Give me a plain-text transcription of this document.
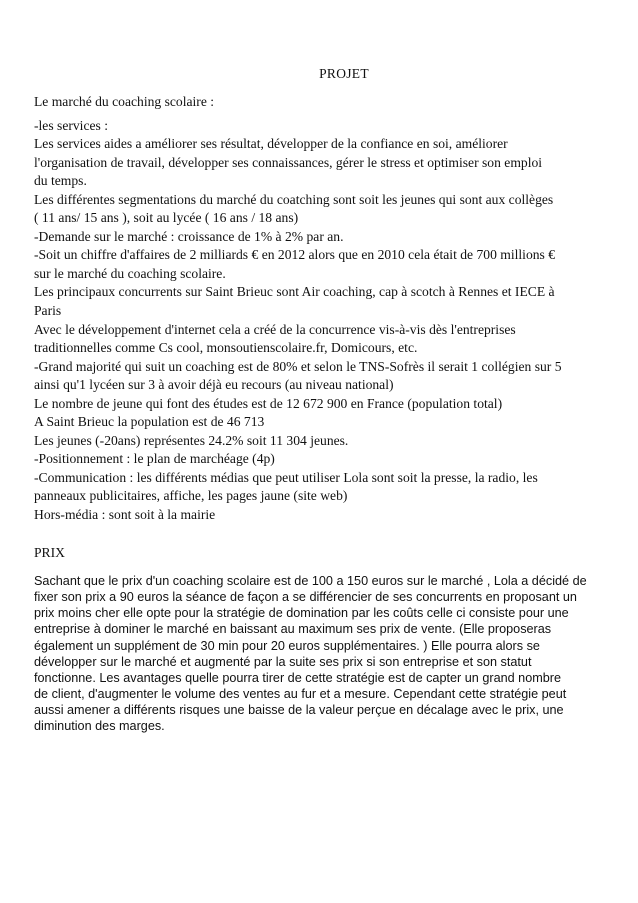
PROJET

Le marché du coaching scolaire :

-les services :

Les services aides a améliorer ses résultat, développer de la confiance en soi, améliorer

l'organisation de travail, développer ses connaissances, gérer le stress et optimiser son emploi

du temps.

Les différentes segmentations du marché du coatching sont soit les jeunes qui sont aux collèges

( 11 ans/ 15 ans ), soit au lycée ( 16 ans / 18 ans)

-Demande sur le marché : croissance de 1% à 2% par an.

-Soit un chiffre d'affaires de 2 milliards € en 2012 alors que en 2010 cela était de 700 millions €

sur le marché du coaching scolaire.

Les principaux concurrents sur Saint Brieuc sont Air coaching, cap à scotch à Rennes et IECE à

Paris

Avec le développement d'internet cela a créé de la concurrence vis-à-vis dès l'entreprises

traditionnelles comme Cs cool, monsoutienscolaire.fr, Domicours, etc.

-Grand majorité qui suit un coaching est de 80% et selon le TNS-Sofrès il serait 1 collégien sur 5

ainsi qu'1 lycéen sur 3 à avoir déjà eu recours (au niveau national)

Le nombre de jeune qui font des études est de 12 672 900 en France (population total)

A Saint Brieuc la population est de 46 713

Les jeunes (-20ans) représentes 24.2% soit 11 304 jeunes.

-Positionnement : le plan de marchéage (4p)

-Communication : les différents médias que peut utiliser Lola sont soit la presse, la radio, les

panneaux publicitaires, affiche, les pages jaune (site web)

Hors-média : sont soit à la mairie

PRIX

Sachant que le prix d'un coaching scolaire est de 100 a 150 euros sur le marché , Lola a décidé de

fixer son prix a 90 euros la séance de façon a se différencier de ses concurrents en proposant un

prix moins cher elle opte pour la stratégie de domination par les coûts celle ci consiste pour une

entreprise à dominer le marché en baissant au maximum ses prix de vente. (Elle proposeras

également un supplément de 30 min pour 20 euros supplémentaires. ) Elle pourra alors se

développer sur le marché et augmenté par la suite ses prix si son entreprise et son statut

fonctionne. Les avantages quelle pourra tirer de cette stratégie est de capter un grand nombre

de client, d'augmenter le volume des ventes au fur et a mesure. Cependant cette stratégie peut

aussi amener a différents risques une baisse de la valeur perçue en décalage avec le prix, une

diminution des marges.
